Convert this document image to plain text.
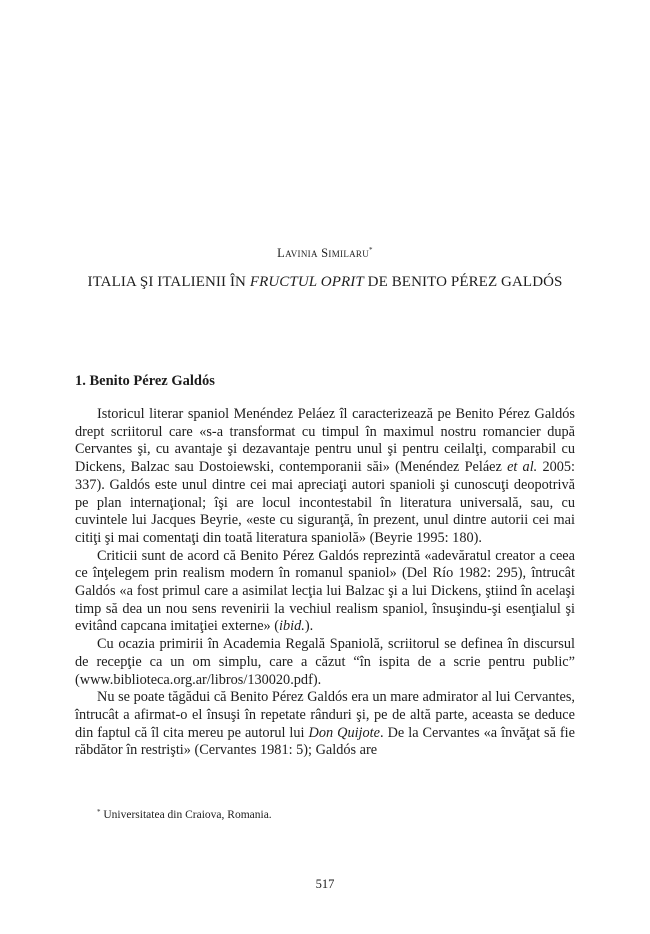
Lavinia Similaru*
ITALIA ŞI ITALIENII ÎN FRUCTUL OPRIT DE BENITO PÉREZ GALDÓS
1. Benito Pérez Galdós

Istoricul literar spaniol Menéndez Peláez îl caracterizează pe Benito Pérez Galdós drept scriitorul care «s-a transformat cu timpul în maximul nostru romancier după Cervantes şi, cu avantaje şi dezavantaje pentru unul şi pentru ceilalţi, comparabil cu Dickens, Balzac sau Dostoiewski, contemporanii săi» (Menéndez Peláez et al. 2005: 337). Galdós este unul dintre cei mai apreciaţi autori spanioli şi cunoscuţi deopotrivă pe plan internaţional; îşi are locul incontestabil în literatura universală, sau, cu cuvintele lui Jacques Beyrie, «este cu siguranţă, în prezent, unul dintre autorii cei mai citiţi şi mai comentaţi din toată literatura spaniolă» (Beyrie 1995: 180).

Criticii sunt de acord că Benito Pérez Galdós reprezintă «adevăratul creator a ceea ce înţelegem prin realism modern în romanul spaniol» (Del Río 1982: 295), întrucât Galdós «a fost primul care a asimilat lecţia lui Balzac şi a lui Dickens, ştiind în acelaşi timp să dea un nou sens revenirii la vechiul realism spaniol, însuşindu-şi esenţialul şi evitând capcana imitaţiei externe» (ibid.).

Cu ocazia primirii în Academia Regală Spaniolă, scriitorul se definea în discursul de recepţie ca un om simplu, care a căzut “în ispita de a scrie pentru public” (www.biblioteca.org.ar/libros/130020.pdf).

Nu se poate tăgădui că Benito Pérez Galdós era un mare admirator al lui Cervantes, întrucât a afirmat-o el însuşi în repetate rânduri şi, pe de altă parte, aceasta se deduce din faptul că îl cita mereu pe autorul lui Don Quijote. De la Cervantes «a învăţat să fie răbdător în restrişti» (Cervantes 1981: 5); Galdós are

* Universitatea din Craiova, Romania.
517
